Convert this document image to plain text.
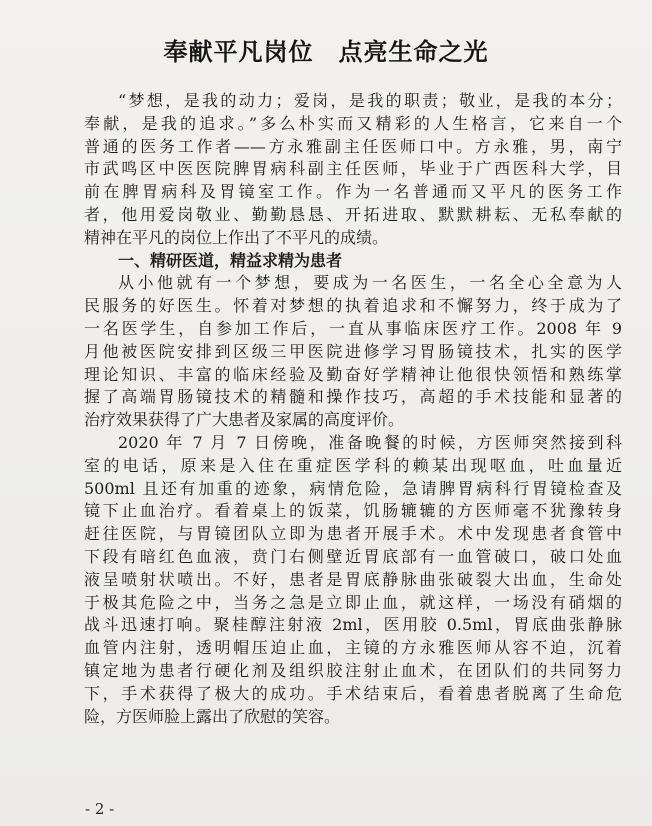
奉献平凡岗位　点亮生命之光
“梦想，是我的动力；爱岗，是我的职责；敬业，是我的本分；
奉献，是我的追求。”多么朴实而又精彩的人生格言，它来自一个
普通的医务工作者——方永雅副主任医师口中。方永雅，男，南宁
市武鸣区中医医院脾胃病科副主任医师，毕业于广西医科大学，目
前在脾胃病科及胃镜室工作。作为一名普通而又平凡的医务工作
者，他用爱岗敬业、勤勤恳恳、开拓进取、默默耕耘、无私奉献的
精神在平凡的岗位上作出了不平凡的成绩。
一、精研医道，精益求精为患者
从小他就有一个梦想，要成为一名医生，一名全心全意为人
民服务的好医生。怀着对梦想的执着追求和不懈努力，终于成为了
一名医学生，自参加工作后，一直从事临床医疗工作。2008 年 9
月他被医院安排到区级三甲医院进修学习胃肠镜技术，扎实的医学
理论知识、丰富的临床经验及勤奋好学精神让他很快领悟和熟练掌
握了高端胃肠镜技术的精髓和操作技巧，高超的手术技能和显著的
治疗效果获得了广大患者及家属的高度评价。
2020 年 7 月 7 日傍晚，准备晚餐的时候，方医师突然接到科
室的电话，原来是入住在重症医学科的赖某出现呕血，吐血量近
500ml 且还有加重的迹象，病情危险，急请脾胃病科行胃镜检查及
镜下止血治疗。看着桌上的饭菜，饥肠辘辘的方医师毫不犹豫转身
赶往医院，与胃镜团队立即为患者开展手术。术中发现患者食管中
下段有暗红色血液，贲门右侧壁近胃底部有一血管破口，破口处血
液呈喷射状喷出。不好，患者是胃底静脉曲张破裂大出血，生命处
于极其危险之中，当务之急是立即止血，就这样，一场没有硝烟的
战斗迅速打响。聚桂醇注射液 2ml，医用胶 0.5ml，胃底曲张静脉
血管内注射，透明帽压迫止血，主镜的方永雅医师从容不迫，沉着
镇定地为患者行硬化剂及组织胶注射止血术，在团队们的共同努力
下，手术获得了极大的成功。手术结束后，看着患者脱离了生命危
险，方医师脸上露出了欣慰的笑容。
- 2 -
